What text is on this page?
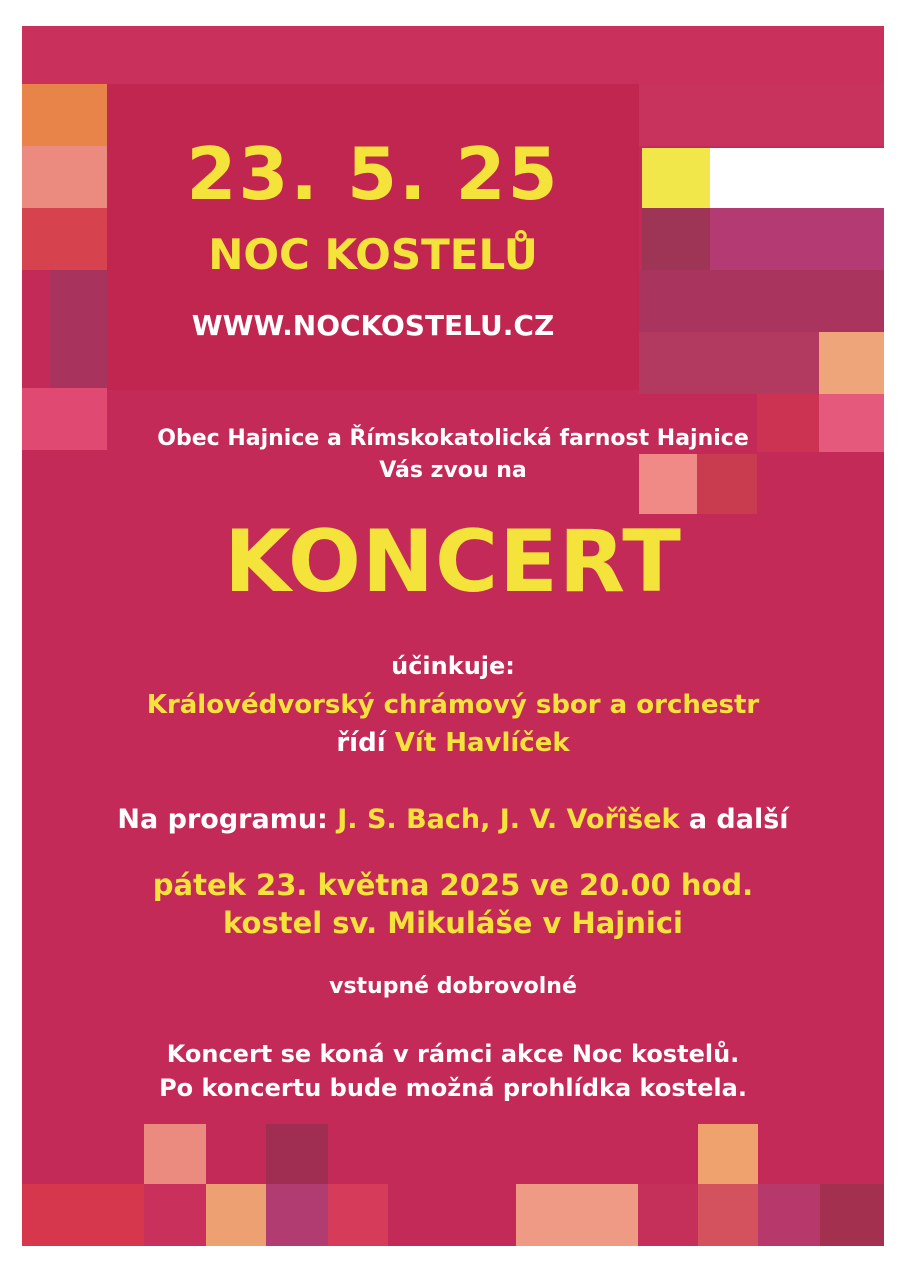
23. 5. 25
NOC KOSTELŮ
WWW.NOCKOSTELU.CZ

Obec Hajnice a Římskokatolická farnost Hajnice

Vás zvou na

KONCERT

účinkuje:

Královédvorský chrámový sbor a orchestr

řídí Vít Havlíček

Na programu: J. S. Bach, J. V. Vořîšek a další

pátek 23. května 2025 ve 20.00 hod.

kostel sv. Mikuláše v Hajnici

vstupné dobrovolné

Koncert se koná v rámci akce Noc kostelů.

Po koncertu bude možná prohlídka kostela.
